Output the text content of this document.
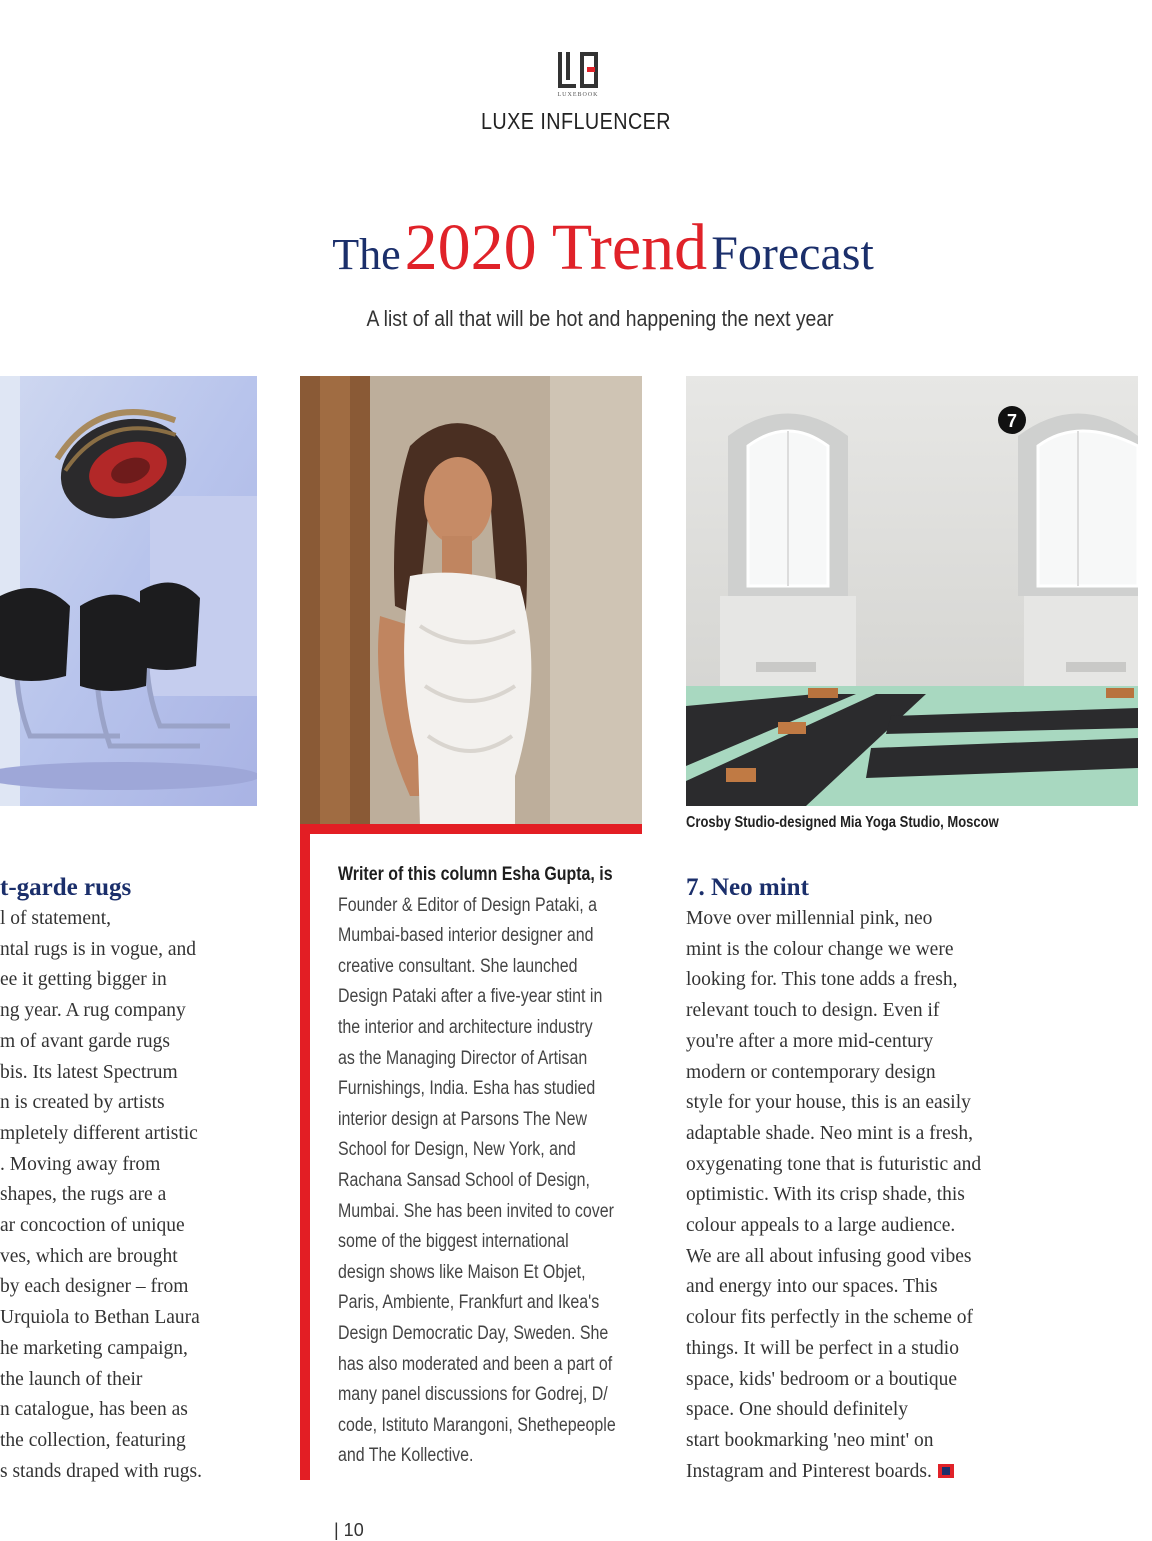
LUXEBOOK
LUXE INFLUENCER
The 2020 Trend Forecast
A list of all that will be hot and happening the next year
7
Crosby Studio-designed Mia Yoga Studio, Moscow
Writer of this column Esha Gupta, is
Founder & Editor of Design Pataki, a
Mumbai-based interior designer and
creative consultant. She launched
Design Pataki after a five-year stint in
the interior and architecture industry
as the Managing Director of Artisan
Furnishings, India. Esha has studied
interior design at Parsons The New
School for Design, New York, and
Rachana Sansad School of Design,
Mumbai. She has been invited to cover
some of the biggest international
design shows like Maison Et Objet,
Paris, Ambiente, Frankfurt and Ikea's
Design Democratic Day, Sweden. She
has also moderated and been a part of
many panel discussions for Godrej, D/
code, Istituto Marangoni, Shethepeople
and The Kollective.
t-garde rugs
l of statement,
ntal rugs is in vogue, and
ee it getting bigger in
ng year. A rug company
m of avant garde rugs
bis. Its latest Spectrum
n is created by artists
mpletely different artistic
. Moving away from
shapes, the rugs are a
ar concoction of unique
ves, which are brought
by each designer – from
Urquiola to Bethan Laura
he marketing campaign,
the launch of their
n catalogue, has been as
the collection, featuring
s stands draped with rugs.
7. Neo mint
Move over millennial pink, neo
mint is the colour change we were
looking for. This tone adds a fresh,
relevant touch to design. Even if
you're after a more mid-century
modern or contemporary design
style for your house, this is an easily
adaptable shade. Neo mint is a fresh,
oxygenating tone that is futuristic and
optimistic. With its crisp shade, this
colour appeals to a large audience.
We are all about infusing good vibes
and energy into our spaces. This
colour fits perfectly in the scheme of
things. It will be perfect in a studio
space, kids' bedroom or a boutique
space. One should definitely
start bookmarking 'neo mint' on
Instagram and Pinterest boards.
| 10
